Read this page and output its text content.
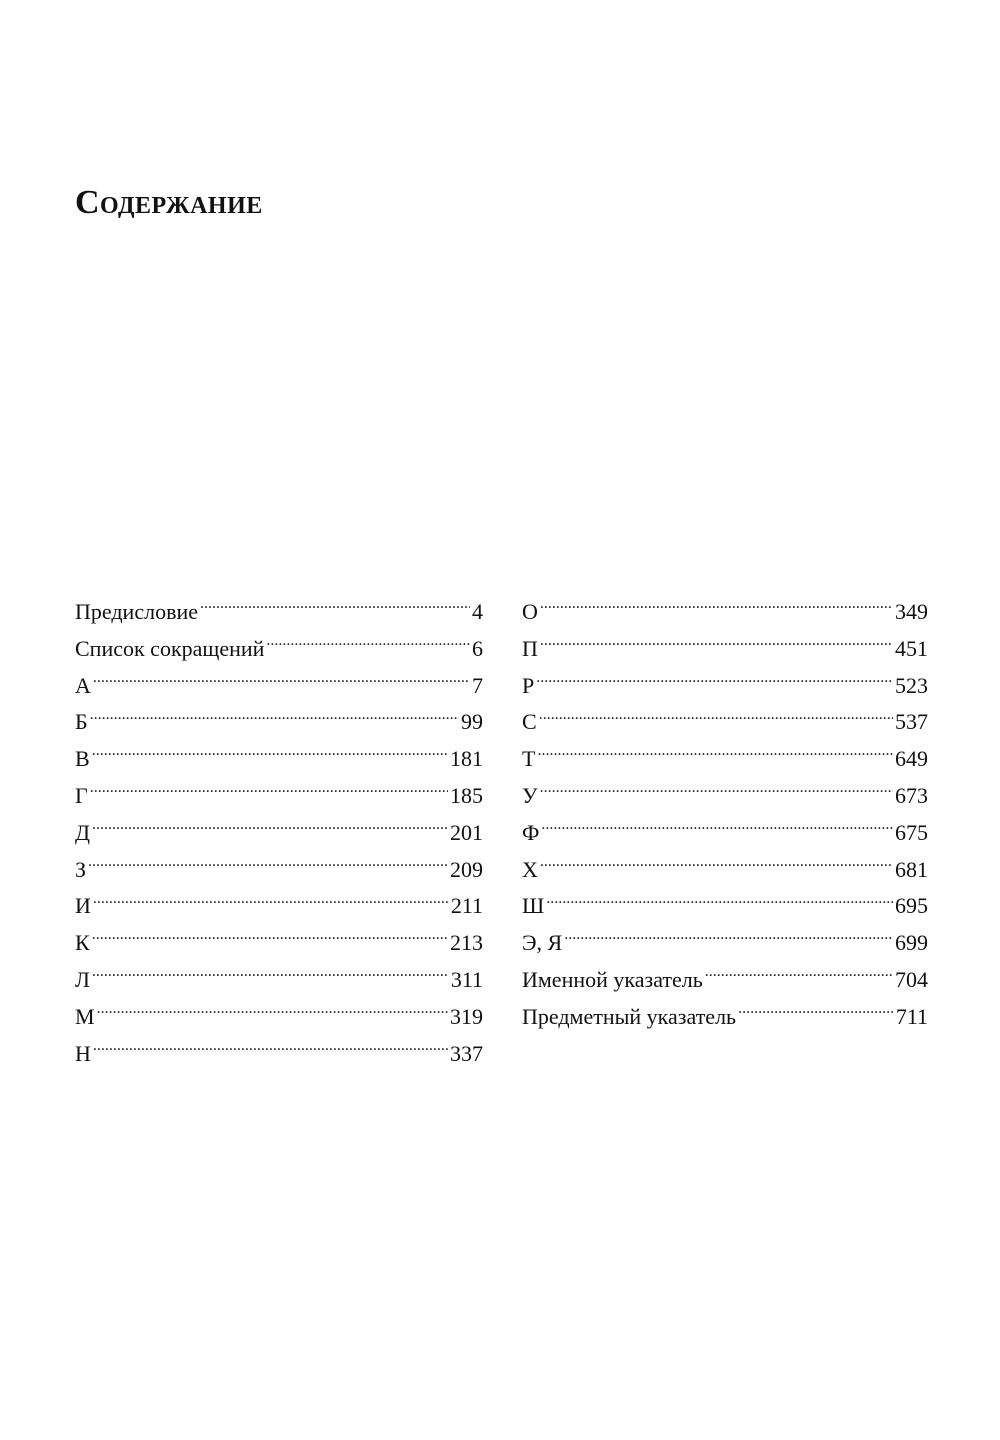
Содержание
Предисловие .....	4
Список сокращений .....	6
А .....	7
Б .....	99
В .....	181
Г .....	185
Д .....	201
З .....	209
И .....	211
К .....	213
Л .....	311
М .....	319
Н .....	337
О .....	349
П .....	451
Р .....	523
С .....	537
Т .....	649
У .....	673
Ф .....	675
Х .....	681
Ш .....	695
Э, Я .....	699
Именной указатель .....	704
Предметный указатель .....	711
